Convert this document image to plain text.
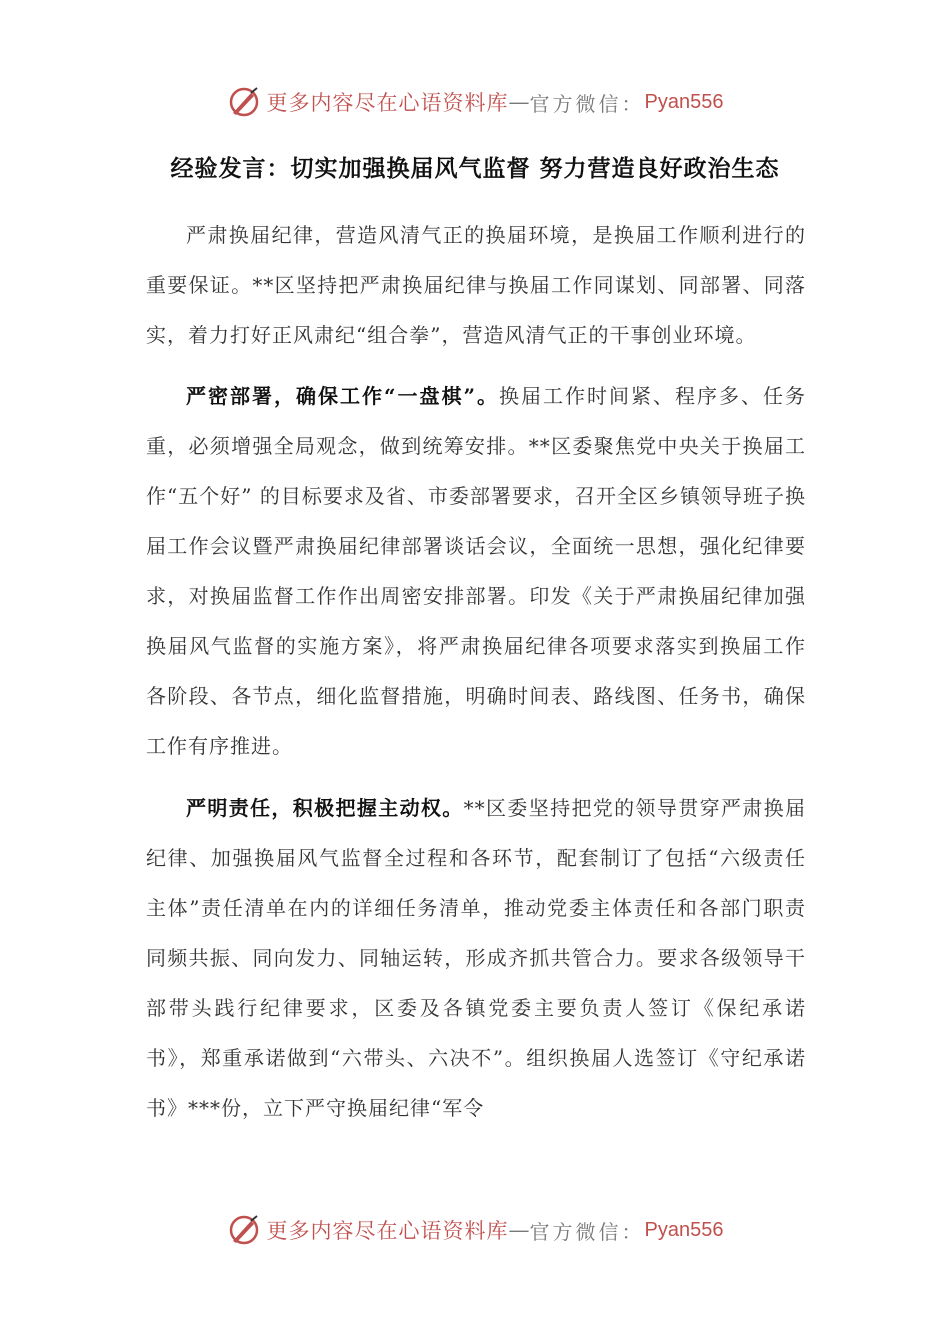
更多内容尽在心语资料库 — 官方微信： Pyan556
经验发言：切实加强换届风气监督 努力营造良好政治生态

严肃换届纪律，营造风清气正的换届环境，是换届工作顺利进行的重要保证。**区坚持把严肃换届纪律与换届工作同谋划、同部署、同落实，着力打好正风肃纪“组合拳”，营造风清气正的干事创业环境。

严密部署，确保工作“一盘棋”。换届工作时间紧、程序多、任务重，必须增强全局观念，做到统筹安排。**区委聚焦党中央关于换届工作“五个好” 的目标要求及省、市委部署要求，召开全区乡镇领导班子换届工作会议暨严肃换届纪律部署谈话会议，全面统一思想，强化纪律要求，对换届监督工作作出周密安排部署。印发《关于严肃换届纪律加强换届风气监督的实施方案》，将严肃换届纪律各项要求落实到换届工作各阶段、各节点，细化监督措施，明确时间表、路线图、任务书，确保工作有序推进。

严明责任，积极把握主动权。**区委坚持把党的领导贯穿严肃换届纪律、加强换届风气监督全过程和各环节，配套制订了包括“六级责任主体”责任清单在内的详细任务清单，推动党委主体责任和各部门职责同频共振、同向发力、同轴运转，形成齐抓共管合力。要求各级领导干部带头践行纪律要求，区委及各镇党委主要负责人签订《保纪承诺书》，郑重承诺做到“六带头、六决不”。组织换届人选签订《守纪承诺书》***份，立下严守换届纪律“军令

更多内容尽在心语资料库 — 官方微信： Pyan556
